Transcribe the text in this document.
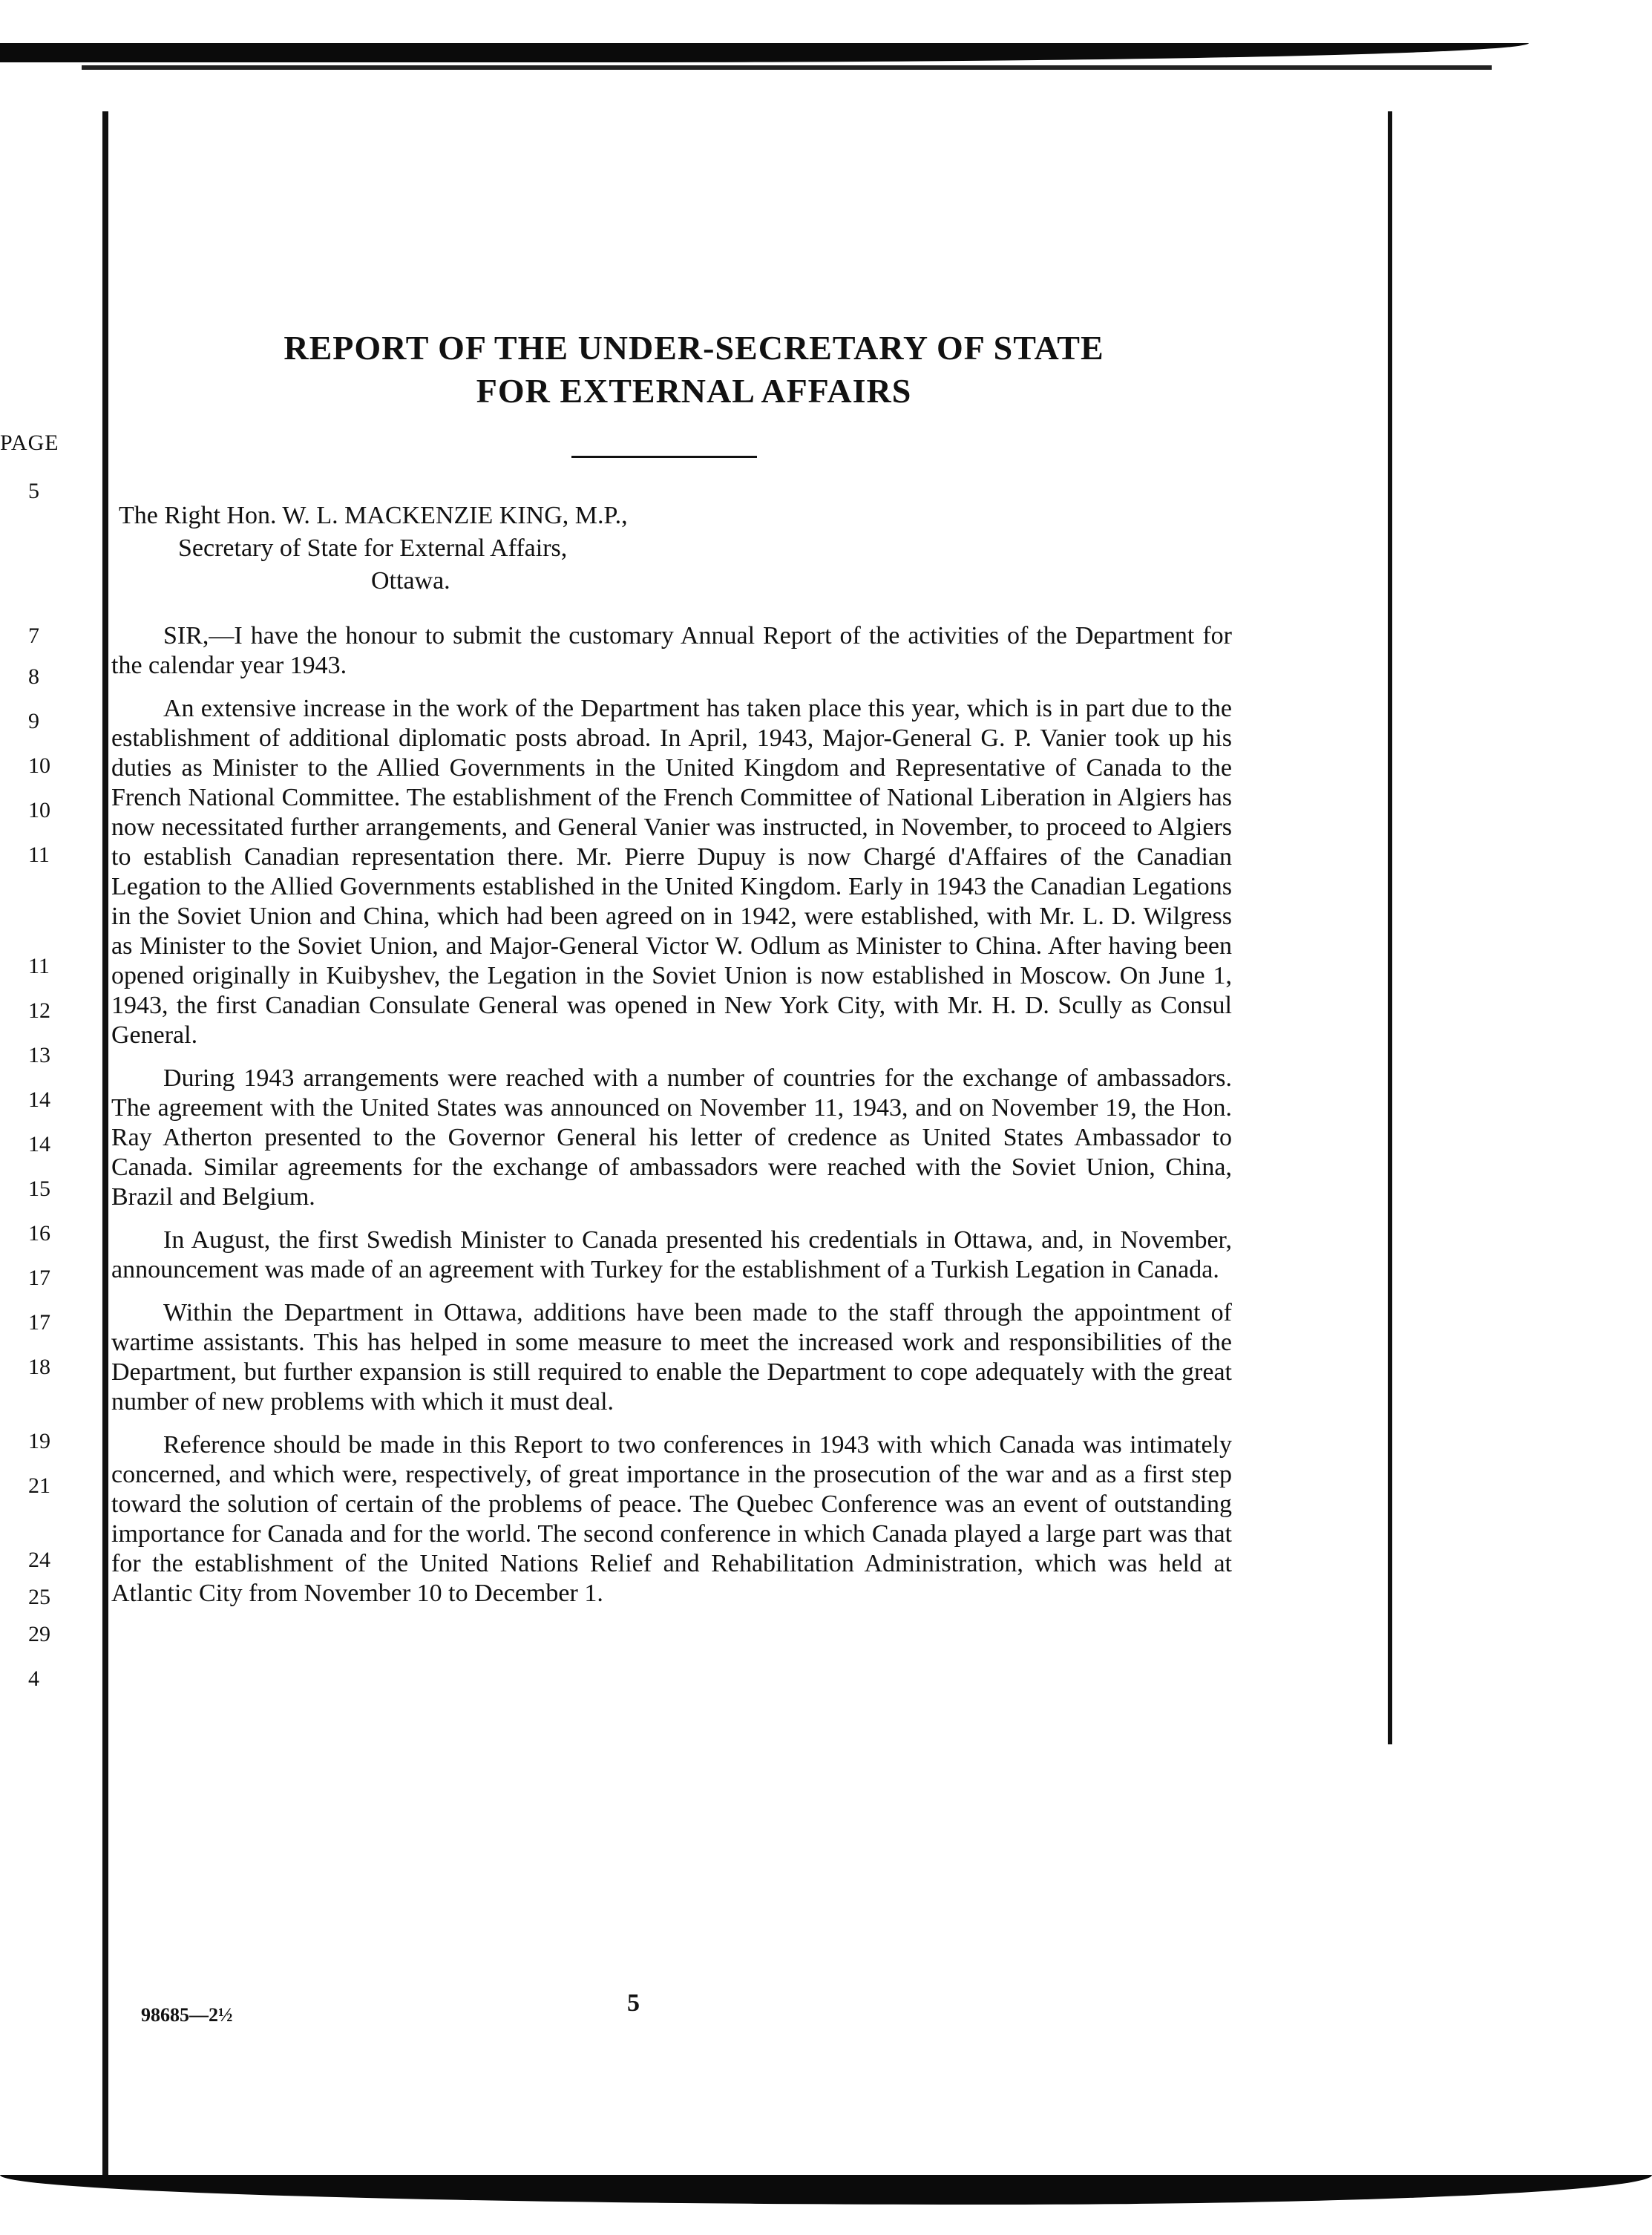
PAGE
5
7
8
9
10
10
11
11
12
13
14
14
15
16
17
17
18
19
21
24
25
29
4
REPORT OF THE UNDER-SECRETARY OF STATE
FOR EXTERNAL AFFAIRS
The Right Hon. W. L. MACKENZIE KING, M.P.,
Secretary of State for External Affairs,
Ottawa.

SIR,—I have the honour to submit the customary Annual Report of the activities of the Department for the calendar year 1943.

An extensive increase in the work of the Department has taken place this year, which is in part due to the establishment of additional diplomatic posts abroad. In April, 1943, Major-General G. P. Vanier took up his duties as Minister to the Allied Governments in the United Kingdom and Representative of Canada to the French National Committee. The establishment of the French Committee of National Liberation in Algiers has now necessitated further arrangements, and General Vanier was instructed, in November, to proceed to Algiers to establish Canadian representation there. Mr. Pierre Dupuy is now Chargé d'Affaires of the Canadian Legation to the Allied Governments established in the United Kingdom. Early in 1943 the Canadian Legations in the Soviet Union and China, which had been agreed on in 1942, were established, with Mr. L. D. Wilgress as Minister to the Soviet Union, and Major-General Victor W. Odlum as Minister to China. After having been opened originally in Kuibyshev, the Legation in the Soviet Union is now established in Moscow. On June 1, 1943, the first Canadian Consulate General was opened in New York City, with Mr. H. D. Scully as Consul General.

During 1943 arrangements were reached with a number of countries for the exchange of ambassadors. The agreement with the United States was announced on November 11, 1943, and on November 19, the Hon. Ray Atherton presented to the Governor General his letter of credence as United States Ambassador to Canada. Similar agreements for the exchange of ambassadors were reached with the Soviet Union, China, Brazil and Belgium.

In August, the first Swedish Minister to Canada presented his credentials in Ottawa, and, in November, announcement was made of an agreement with Turkey for the establishment of a Turkish Legation in Canada.

Within the Department in Ottawa, additions have been made to the staff through the appointment of wartime assistants. This has helped in some measure to meet the increased work and responsibilities of the Department, but further expansion is still required to enable the Department to cope adequately with the great number of new problems with which it must deal.

Reference should be made in this Report to two conferences in 1943 with which Canada was intimately concerned, and which were, respectively, of great importance in the prosecution of the war and as a first step toward the solution of certain of the problems of peace. The Quebec Conference was an event of outstanding importance for Canada and for the world. The second conference in which Canada played a large part was that for the establishment of the United Nations Relief and Rehabilitation Administration, which was held at Atlantic City from November 10 to December 1.

98685—2½	5
